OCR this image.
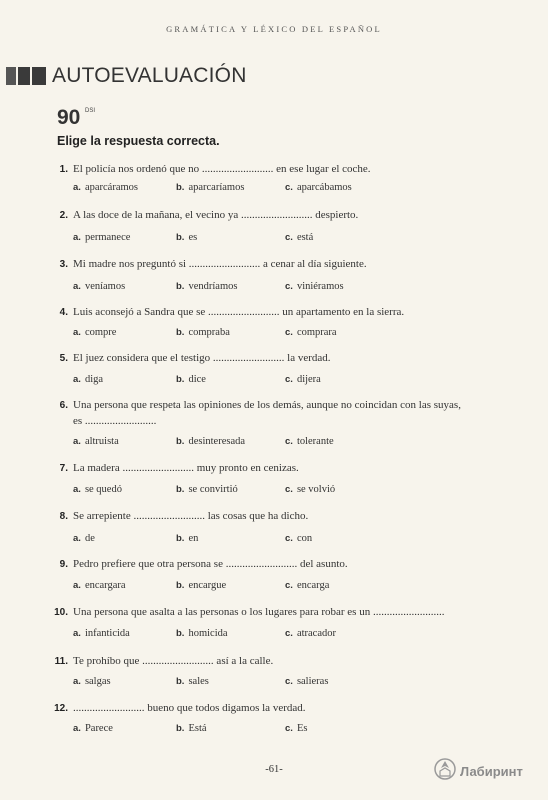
GRAMÁTICA Y LÉXICO DEL ESPAÑOL
AUTOEVALUACIÓN
90 DSI
Elige la respuesta correcta.
1. El policía nos ordenó que no .......................... en ese lugar el coche.
a. aparcáramos	b. aparcaríamos	c. aparcábamos
2. A las doce de la mañana, el vecino ya .......................... despierto.
a. permanece	b. es	c. está
3. Mi madre nos preguntó si .......................... a cenar al día siguiente.
a. veníamos	b. vendríamos	c. viniéramos
4. Luis aconsejó a Sandra que se .......................... un apartamento en la sierra.
a. compre	b. compraba	c. comprara
5. El juez considera que el testigo .......................... la verdad.
a. diga	b. dice	c. dijera
6. Una persona que respeta las opiniones de los demás, aunque no coincidan con las suyas,
es ..........................
a. altruista	b. desinteresada	c. tolerante
7. La madera .......................... muy pronto en cenizas.
a. se quedó	b. se convirtió	c. se volvió
8. Se arrepiente .......................... las cosas que ha dicho.
a. de	b. en	c. con
9. Pedro prefiere que otra persona se .......................... del asunto.
a. encargara	b. encargue	c. encarga
10. Una persona que asalta a las personas o los lugares para robar es un ..........................
a. infanticida	b. homicida	c. atracador
11. Te prohíbo que .......................... así a la calle.
a. salgas	b. sales	c. salieras
12. .......................... bueno que todos digamos la verdad.
a. Parece	b. Está	c. Es
-61-	Лабиринт
